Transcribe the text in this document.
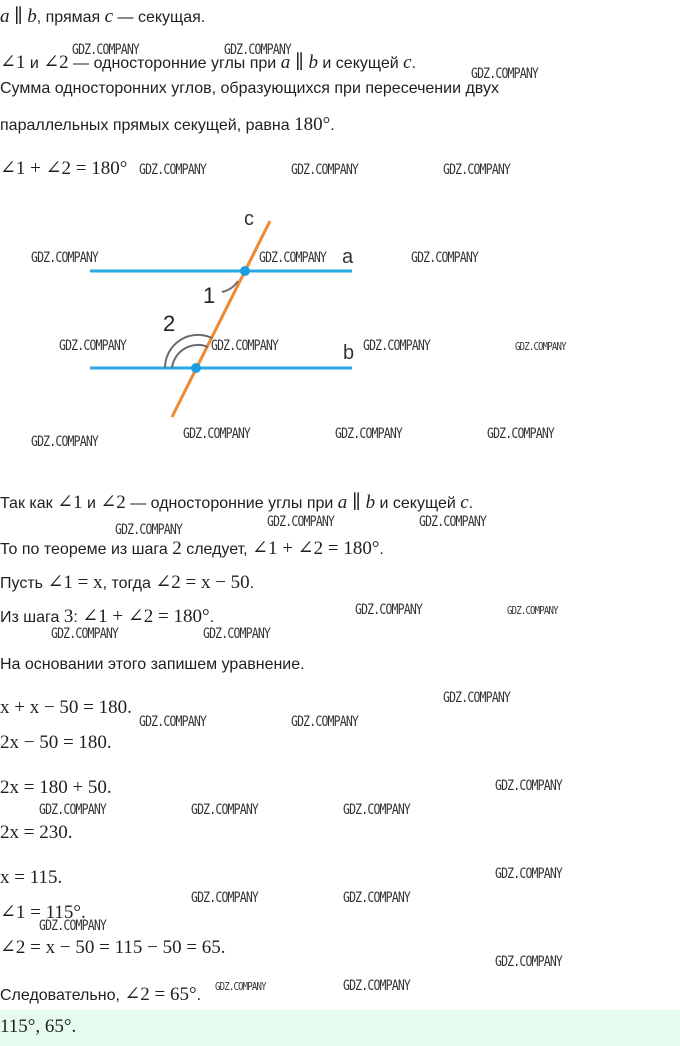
a ∥ b, прямая c — секущая.
∠1 и ∠2 — односторонние углы при a ∥ b и секущей c.
Сумма односторонних углов, образующихся при пересечении двух
параллельных прямых секущей, равна 180°.
∠1 + ∠2 = 180°
c
a
b
1
2
Так как ∠1 и ∠2 — односторонние углы при a ∥ b и секущей c.
То по теореме из шага 2 следует, ∠1 + ∠2 = 180°.
Пусть ∠1 = x, тогда ∠2 = x − 50.
Из шага 3: ∠1 + ∠2 = 180°.
На основании этого запишем уравнение.
x + x − 50 = 180.
2x − 50 = 180.
2x = 180 + 50.
2x = 230.
x = 115.
∠1 = 115°.
∠2 = x − 50 = 115 − 50 = 65.
Следовательно, ∠2 = 65°.
115°, 65°.
GDZ.COMPANY	GDZ.COMPANY
GDZ.COMPANY
GDZ.COMPANY	GDZ.COMPANY	GDZ.COMPANY
GDZ.COMPANY	GDZ.COMPANY	GDZ.COMPANY
GDZ.COMPANY	GDZ.COMPANY	GDZ.COMPANY	GDZ.COMPANY
GDZ.COMPANY	GDZ.COMPANY	GDZ.COMPANY	GDZ.COMPANY
GDZ.COMPANY	GDZ.COMPANY	GDZ.COMPANY
GDZ.COMPANY	GDZ.COMPANY
GDZ.COMPANY	GDZ.COMPANY
GDZ.COMPANY
GDZ.COMPANY	GDZ.COMPANY
GDZ.COMPANY
GDZ.COMPANY	GDZ.COMPANY	GDZ.COMPANY
GDZ.COMPANY
GDZ.COMPANY	GDZ.COMPANY
GDZ.COMPANY
GDZ.COMPANY
GDZ.COMPANY	GDZ.COMPANY
